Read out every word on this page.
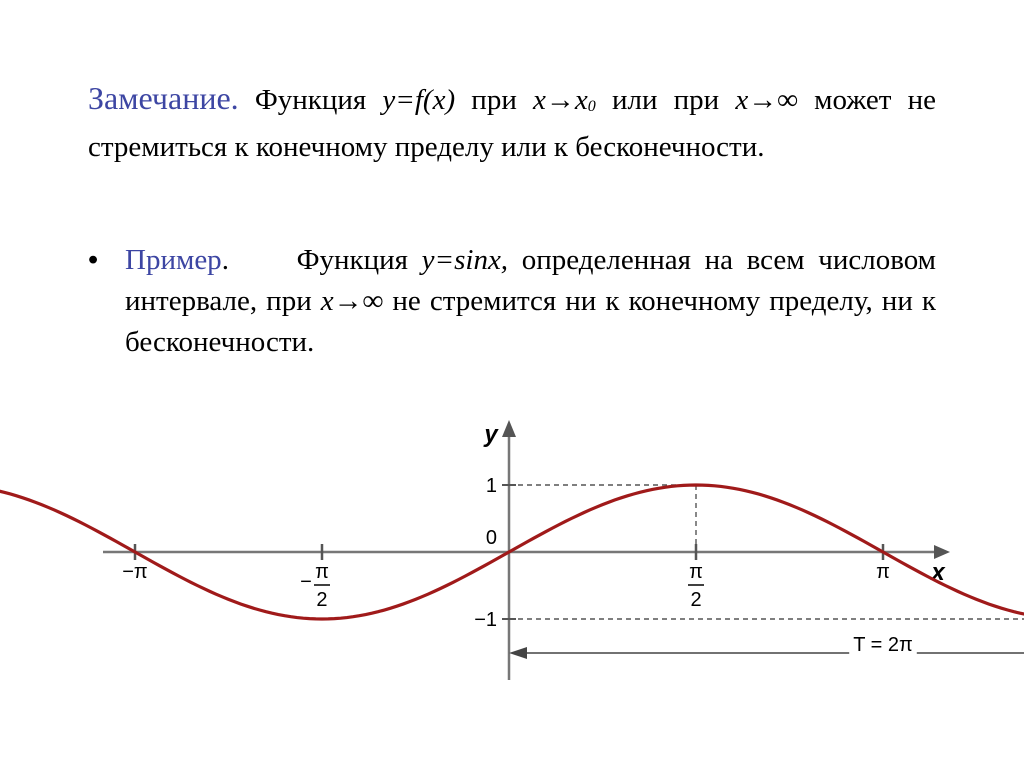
Замечание. Функция y=f(x) при $x\to x_0$ или при x→∞ может не стремиться к конечному пределу или к бесконечности.
• Пример. Функция y=sinx, определенная на всем числовом интервале, при x→∞ не стремится ни к конечному пределу, ни к бесконечности.
x
y
1
0
−1
−π	− π
2
π
2
π
T = 2π
